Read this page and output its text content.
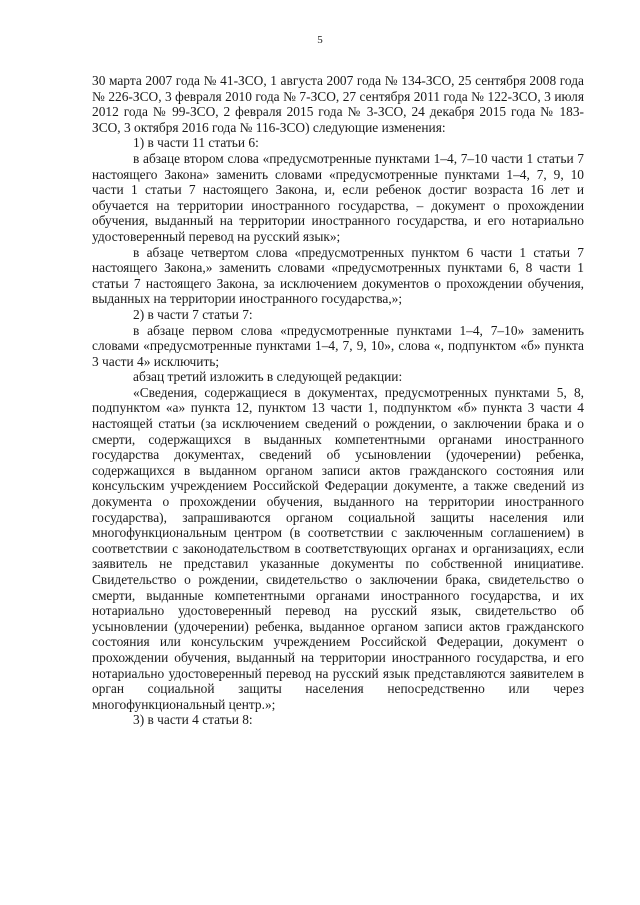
5

30 марта 2007 года № 41-ЗСО, 1 августа 2007 года № 134-ЗСО, 25 сентября 2008 года № 226-ЗСО, 3 февраля 2010 года № 7-ЗСО, 27 сентября 2011 года № 122-ЗСО, 3 июля 2012 года № 99-ЗСО, 2 февраля 2015 года № 3-ЗСО, 24 декабря 2015 года № 183-ЗСО, 3 октября 2016 года № 116-ЗСО) следующие изменения:

1) в части 11 статьи 6:

в абзаце втором слова «предусмотренные пунктами 1–4, 7–10 части 1 статьи 7 настоящего Закона» заменить словами «предусмотренные пунктами 1–4, 7, 9, 10 части 1 статьи 7 настоящего Закона, и, если ребенок достиг возраста 16 лет и обучается на территории иностранного государства, – документ о прохождении обучения, выданный на территории иностранного государства, и его нотариально удостоверенный перевод на русский язык»;

в абзаце четвертом слова «предусмотренных пунктом 6 части 1 статьи 7 настоящего Закона,» заменить словами «предусмотренных пунктами 6, 8 части 1 статьи 7 настоящего Закона, за исключением документов о прохождении обучения, выданных на территории иностранного государства,»;

2) в части 7 статьи 7:

в абзаце первом слова «предусмотренные пунктами 1–4, 7–10» заменить словами «предусмотренные пунктами 1–4, 7, 9, 10», слова «, подпунктом «б» пункта 3 части 4» исключить;

абзац третий изложить в следующей редакции:

«Сведения, содержащиеся в документах, предусмотренных пунктами 5, 8, подпунктом «а» пункта 12, пунктом 13 части 1, подпунктом «б» пункта 3 части 4 настоящей статьи (за исключением сведений о рождении, о заключении брака и о смерти, содержащихся в выданных компетентными органами иностранного государства документах, сведений об усыновлении (удочерении) ребенка, содержащихся в выданном органом записи актов гражданского состояния или консульским учреждением Российской Федерации документе, а также сведений из документа о прохождении обучения, выданного на территории иностранного государства), запрашиваются органом социальной защиты населения или многофункциональным центром (в соответствии с заключенным соглашением) в соответствии с законодательством в соответствующих органах и организациях, если заявитель не представил указанные документы по собственной инициативе. Свидетельство о рождении, свидетельство о заключении брака, свидетельство о смерти, выданные компетентными органами иностранного государства, и их нотариально удостоверенный перевод на русский язык, свидетельство об усыновлении (удочерении) ребенка, выданное органом записи актов гражданского состояния или консульским учреждением Российской Федерации, документ о прохождении обучения, выданный на территории иностранного государства, и его нотариально удостоверенный перевод на русский язык представляются заявителем в орган социальной защиты населения непосредственно или через многофункциональный центр.»;

3) в части 4 статьи 8:
